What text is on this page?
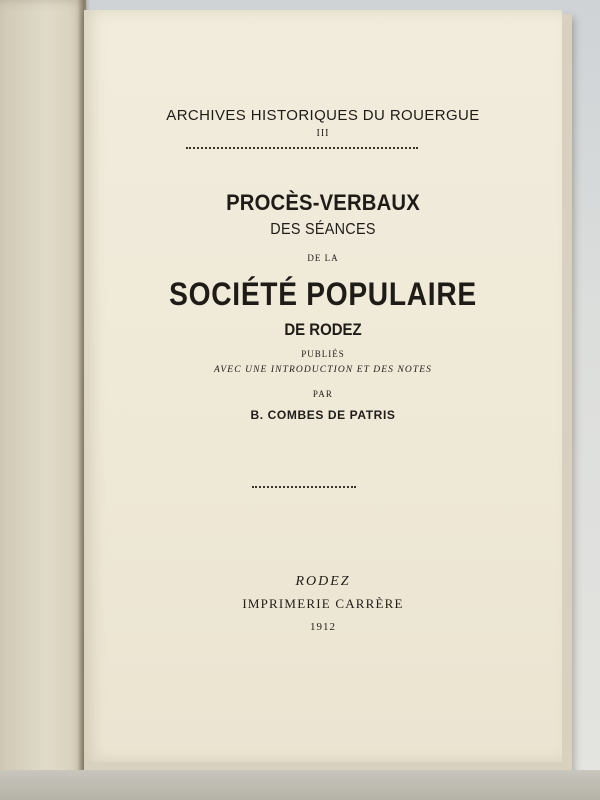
ARCHIVES HISTORIQUES DU ROUERGUE
III
PROCÈS-VERBAUX
DES SÉANCES
DE LA
SOCIÉTÉ POPULAIRE
DE RODEZ
PUBLIÉS
AVEC UNE INTRODUCTION ET DES NOTES
PAR
B. COMBES DE PATRIS
RODEZ
IMPRIMERIE CARRÈRE
1912
